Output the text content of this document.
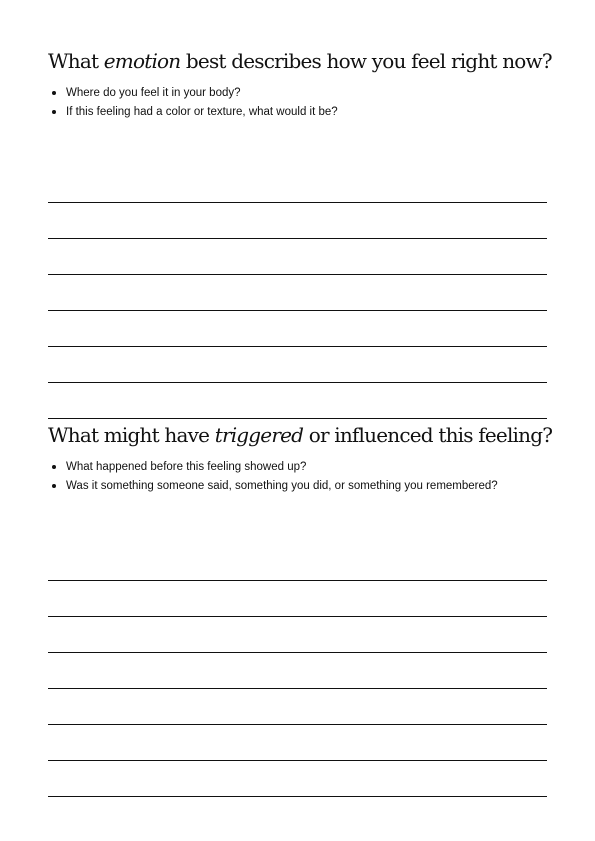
What emotion best describes how you feel right now?
Where do you feel it in your body?
If this feeling had a color or texture, what would it be?
What might have triggered or influenced this feeling?
What happened before this feeling showed up?
Was it something someone said, something you did, or something you remembered?
